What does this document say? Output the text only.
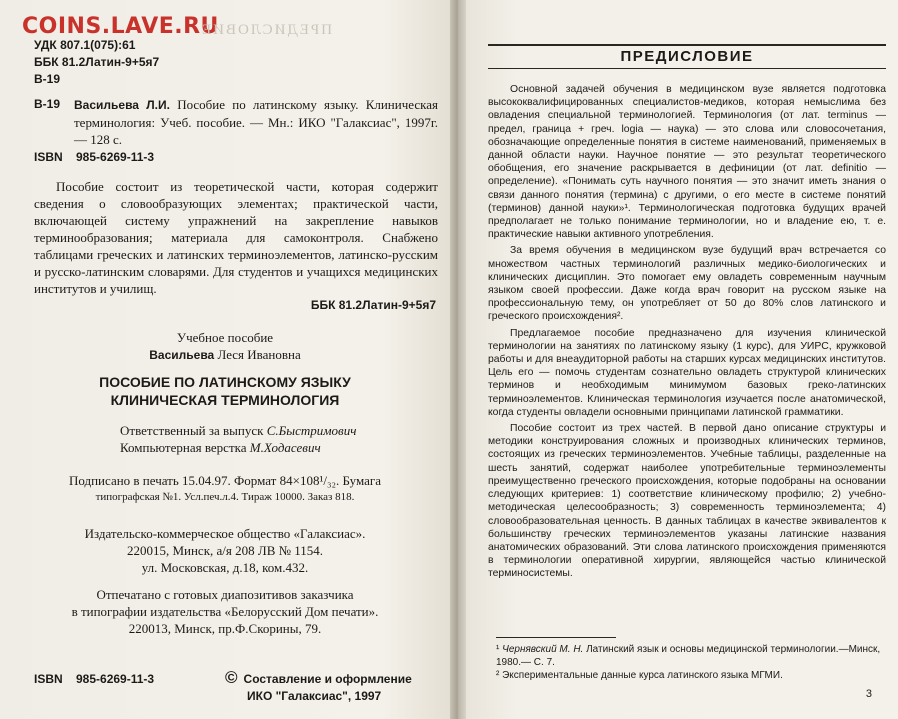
COINS.LAVE.RU
ПРЕДИСЛОВИЕ
УДК 807.1(075):61
ББК 81.2Латин-9+5я7
В-19
В-19 Васильева Л.И. Пособие по латинскому языку. Клиническая терминология: Учеб. пособие. — Мн.: ИКО "Галаксиас", 1997г. — 128 с.
ISBN 985-6269-11-3

Пособие состоит из теоретической части, которая содержит сведения о словообразующих элементах; практической части, включающей систему упражнений на закрепление навыков терминообразования; материала для самоконтроля. Снабжено таблицами греческих и латинских терминоэлементов, латинско-русским и русско-латинским словарями. Для студентов и учащихся медицинских институтов и училищ.

ББК 81.2Латин-9+5я7
Учебное пособие
Васильева Леся Ивановна
ПОСОБИЕ ПО ЛАТИНСКОМУ ЯЗЫКУ
КЛИНИЧЕСКАЯ ТЕРМИНОЛОГИЯ
Ответственный за выпуск С.Быстримович
Компьютерная верстка М.Ходасевич
Подписано в печать 15.04.97. Формат 84×108¹/₃₂. Бумага
типографская №1. Усл.печ.л.4. Тираж 10000. Заказ 818.
Издательско-коммерческое общество «Галаксиас».
220015, Минск, а/я 208 ЛВ № 1154.
ул. Московская, д.18, ком.432.
Отпечатано с готовых диапозитивов заказчика
в типографии издательства «Белорусский Дом печати».
220013, Минск, пр.Ф.Скорины, 79.
ISBN 985-6269-11-3	© Составление и оформление
ИКО "Галаксиас", 1997
ПРЕДИСЛОВИЕ

Основной задачей обучения в медицинском вузе является подготовка высококвалифицированных специалистов-медиков, которая немыслима без овладения специальной терминологией. Терминология (от лат. terminus — предел, граница + греч. logia — наука) — это слова или словосочетания, обозначающие определенные понятия в системе наименований, применяемых в данной области науки. Научное понятие — это результат теоретического обобщения, его значение раскрывается в дефиниции (от лат. definitio — определение). «Понимать суть научного понятия — это значит иметь знания о связи данного понятия (термина) с другими, о его месте в системе понятий (терминов) данной науки»¹. Терминологическая подготовка будущих врачей предполагает не только понимание терминологии, но и владение ею, т. е. практические навыки активного употребления.

За время обучения в медицинском вузе будущий врач встречается со множеством частных терминологий различных медико-биологических и клинических дисциплин. Это помогает ему овладеть современным научным языком своей профессии. Даже когда врач говорит на русском языке на профессиональную тему, он употребляет от 50 до 80% слов латинского и греческого происхождения².

Предлагаемое пособие предназначено для изучения клинической терминологии на занятиях по латинскому языку (1 курс), для УИРС, кружковой работы и для внеаудиторной работы на старших курсах медицинских институтов. Цель его — помочь студентам сознательно овладеть структурой клинических терминов и необходимым минимумом базовых греко-латинских терминоэлементов. Клиническая терминология изучается после анатомической, когда студенты овладели основными принципами латинской грамматики.

Пособие состоит из трех частей. В первой дано описание структуры и методики конструирования сложных и производных клинических терминов, состоящих из греческих терминоэлементов. Учебные таблицы, разделенные на шесть занятий, содержат наиболее употребительные терминоэлементы преимущественно греческого происхождения, которые подобраны на основании следующих критериев: 1) соответствие клиническому профилю; 2) учебно-методическая целесообразность; 3) современность терминоэлемента; 4) словообразовательная ценность. В данных таблицах в качестве эквивалентов к большинству греческих терминоэлементов указаны латинские названия анатомических образований. Эти слова латинского происхождения применяются в терминологии оперативной хирургии, являющейся частью клинической терминосистемы.

¹ Чернявский М. Н. Латинский язык и основы медицинской терминологии.—Минск, 1980.— С. 7.
² Экспериментальные данные курса латинского языка МГМИ.
3
